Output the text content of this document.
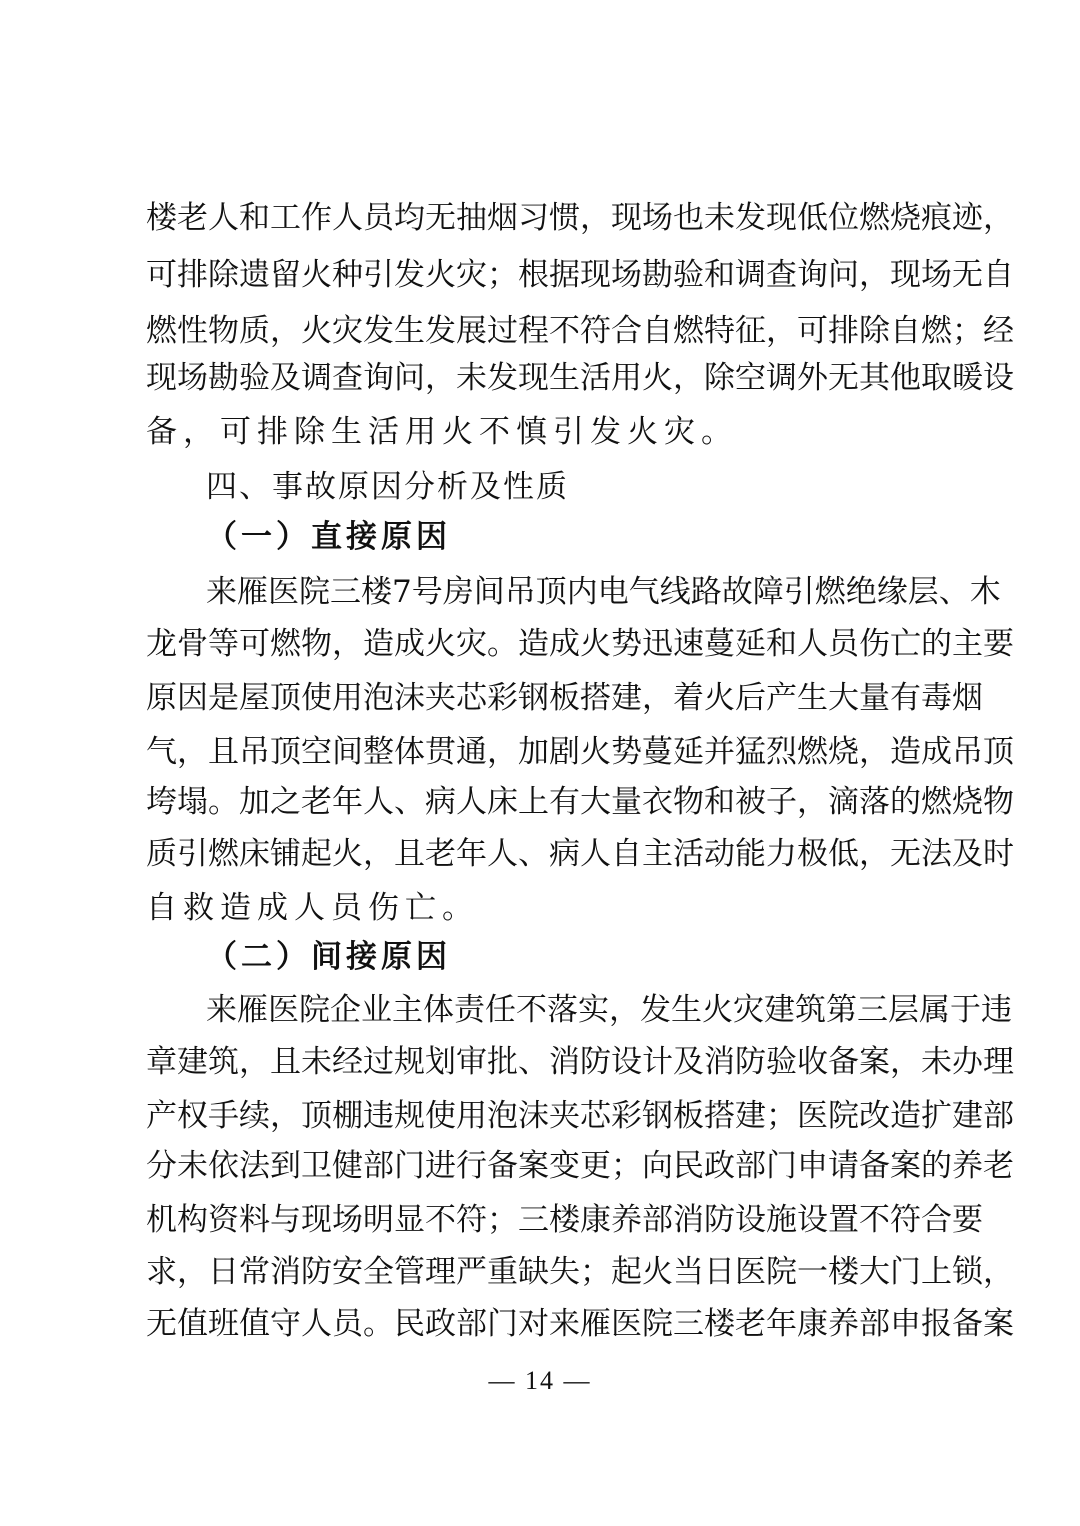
楼老人和工作人员均无抽烟习惯，现场也未发现低位燃烧痕迹，
可排除遗留火种引发火灾；根据现场勘验和调查询问，现场无自
燃性物质，火灾发生发展过程不符合自燃特征，可排除自燃；经
现场勘验及调查询问，未发现生活用火，除空调外无其他取暖设
备，可排除生活用火不慎引发火灾。
四、事故原因分析及性质
（一）直接原因
来雁医院三楼7号房间吊顶内电气线路故障引燃绝缘层、木
龙骨等可燃物，造成火灾。造成火势迅速蔓延和人员伤亡的主要
原因是屋顶使用泡沫夹芯彩钢板搭建，着火后产生大量有毒烟
气，且吊顶空间整体贯通，加剧火势蔓延并猛烈燃烧，造成吊顶
垮塌。加之老年人、病人床上有大量衣物和被子，滴落的燃烧物
质引燃床铺起火，且老年人、病人自主活动能力极低，无法及时
自救造成人员伤亡。
（二）间接原因
来雁医院企业主体责任不落实，发生火灾建筑第三层属于违
章建筑，且未经过规划审批、消防设计及消防验收备案，未办理
产权手续，顶棚违规使用泡沫夹芯彩钢板搭建；医院改造扩建部
分未依法到卫健部门进行备案变更；向民政部门申请备案的养老
机构资料与现场明显不符；三楼康养部消防设施设置不符合要
求，日常消防安全管理严重缺失；起火当日医院一楼大门上锁，
无值班值守人员。民政部门对来雁医院三楼老年康养部申报备案
— 14 —
